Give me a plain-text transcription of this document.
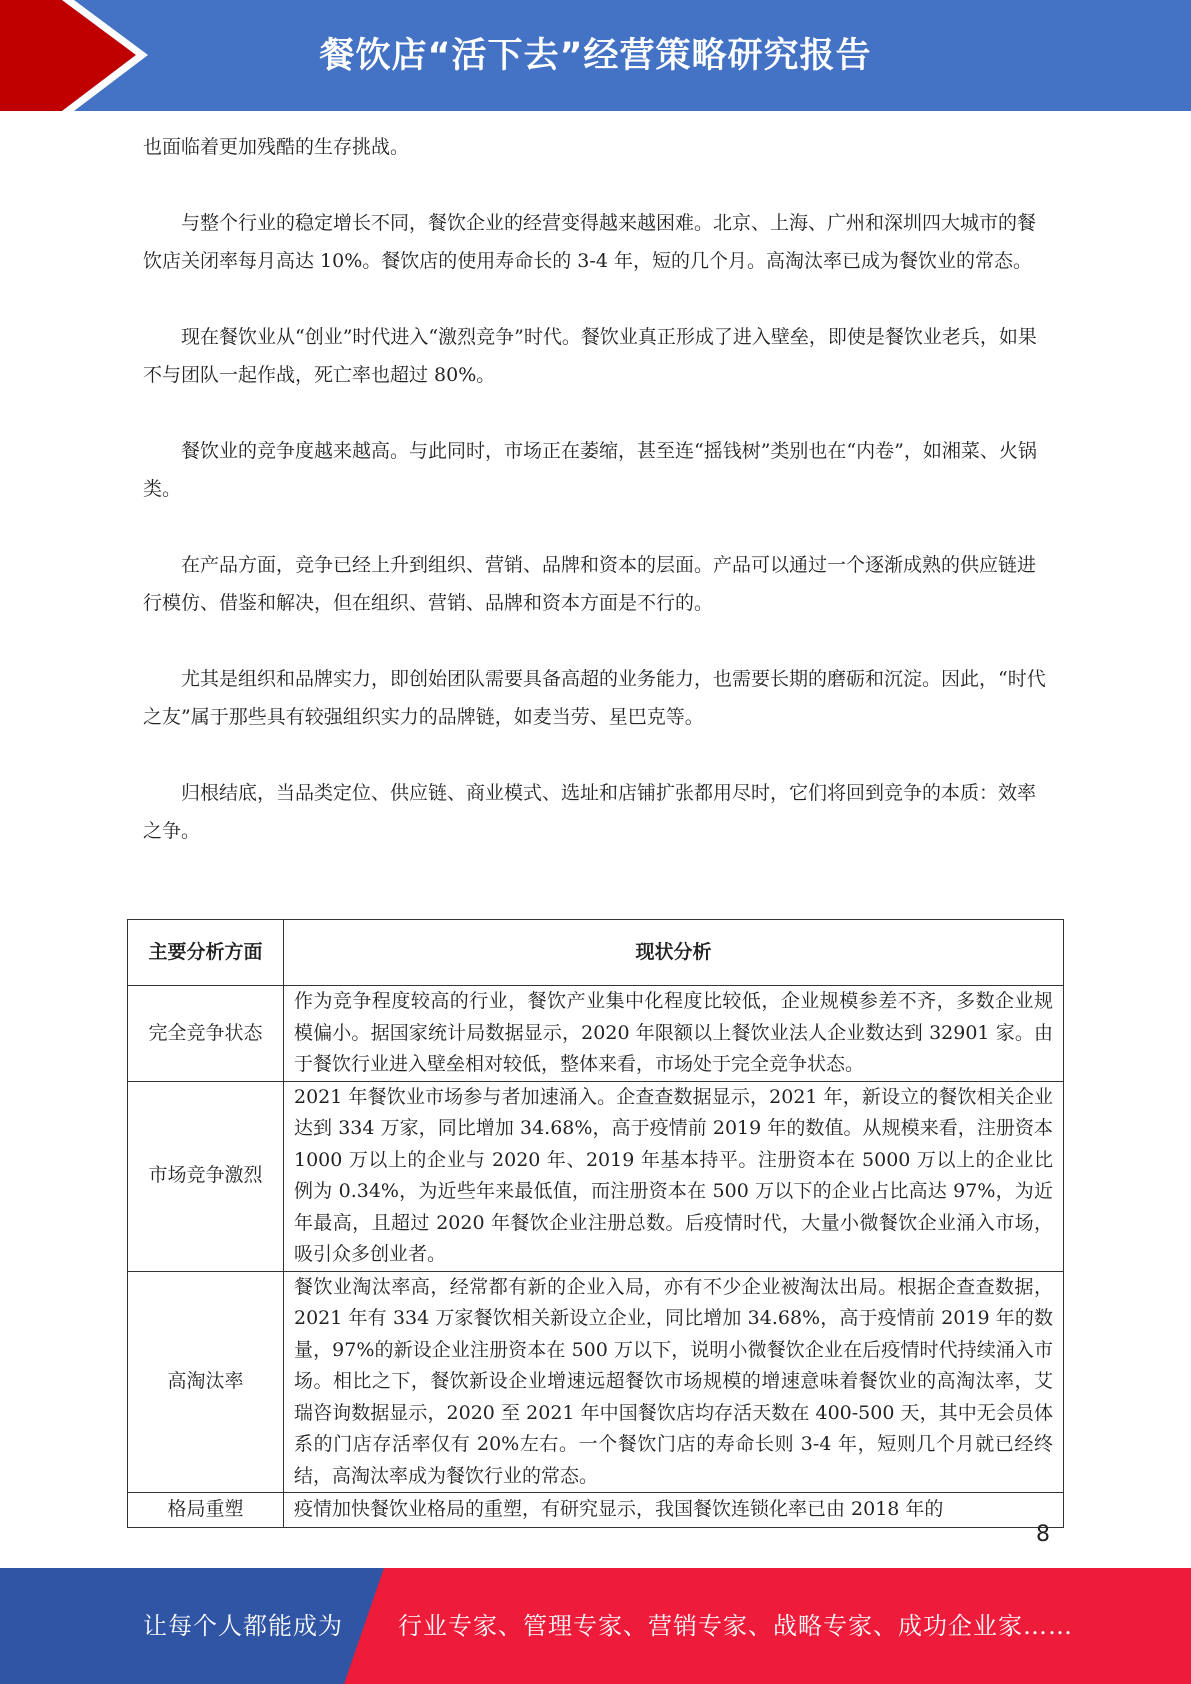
餐饮店“活下去”经营策略研究报告

也面临着更加残酷的生存挑战。

与整个行业的稳定增长不同，餐饮企业的经营变得越来越困难。北京、上海、广州和深圳四大城市的餐饮店关闭率每月高达 10%。餐饮店的使用寿命长的 3-4 年，短的几个月。高淘汰率已成为餐饮业的常态。

现在餐饮业从“创业”时代进入“激烈竞争”时代。餐饮业真正形成了进入壁垒，即使是餐饮业老兵，如果不与团队一起作战，死亡率也超过 80%。

餐饮业的竞争度越来越高。与此同时，市场正在萎缩，甚至连“摇钱树”类别也在“内卷”，如湘菜、火锅类。

在产品方面，竞争已经上升到组织、营销、品牌和资本的层面。产品可以通过一个逐渐成熟的供应链进行模仿、借鉴和解决，但在组织、营销、品牌和资本方面是不行的。

尤其是组织和品牌实力，即创始团队需要具备高超的业务能力，也需要长期的磨砺和沉淀。因此，“时代之友”属于那些具有较强组织实力的品牌链，如麦当劳、星巴克等。

归根结底，当品类定位、供应链、商业模式、选址和店铺扩张都用尽时，它们将回到竞争的本质：效率之争。

主要分析方面	现状分析
完全竞争状态	作为竞争程度较高的行业，餐饮产业集中化程度比较低，企业规模参差不齐，多数企业规模偏小。据国家统计局数据显示，2020 年限额以上餐饮业法人企业数达到 32901 家。由于餐饮行业进入壁垒相对较低，整体来看，市场处于完全竞争状态。
市场竞争激烈	2021 年餐饮业市场参与者加速涌入。企查查数据显示，2021 年，新设立的餐饮相关企业达到 334 万家，同比增加 34.68%，高于疫情前 2019 年的数值。从规模来看，注册资本 1000 万以上的企业与 2020 年、2019 年基本持平。注册资本在 5000 万以上的企业比例为 0.34%，为近些年来最低值，而注册资本在 500 万以下的企业占比高达 97%，为近年最高，且超过 2020 年餐饮企业注册总数。后疫情时代，大量小微餐饮企业涌入市场，吸引众多创业者。
高淘汰率	餐饮业淘汰率高，经常都有新的企业入局，亦有不少企业被淘汰出局。根据企查查数据，2021 年有 334 万家餐饮相关新设立企业，同比增加 34.68%，高于疫情前 2019 年的数量，97%的新设企业注册资本在 500 万以下，说明小微餐饮企业在后疫情时代持续涌入市场。相比之下，餐饮新设企业增速远超餐饮市场规模的增速意味着餐饮业的高淘汰率，艾瑞咨询数据显示，2020 至 2021 年中国餐饮店均存活天数在 400-500 天，其中无会员体系的门店存活率仅有 20%左右。一个餐饮门店的寿命长则 3-4 年，短则几个月就已经终结，高淘汰率成为餐饮行业的常态。
格局重塑	疫情加快餐饮业格局的重塑，有研究显示，我国餐饮连锁化率已由 2018 年的
8
让每个人都能成为 行业专家、管理专家、营销专家、战略专家、成功企业家……
